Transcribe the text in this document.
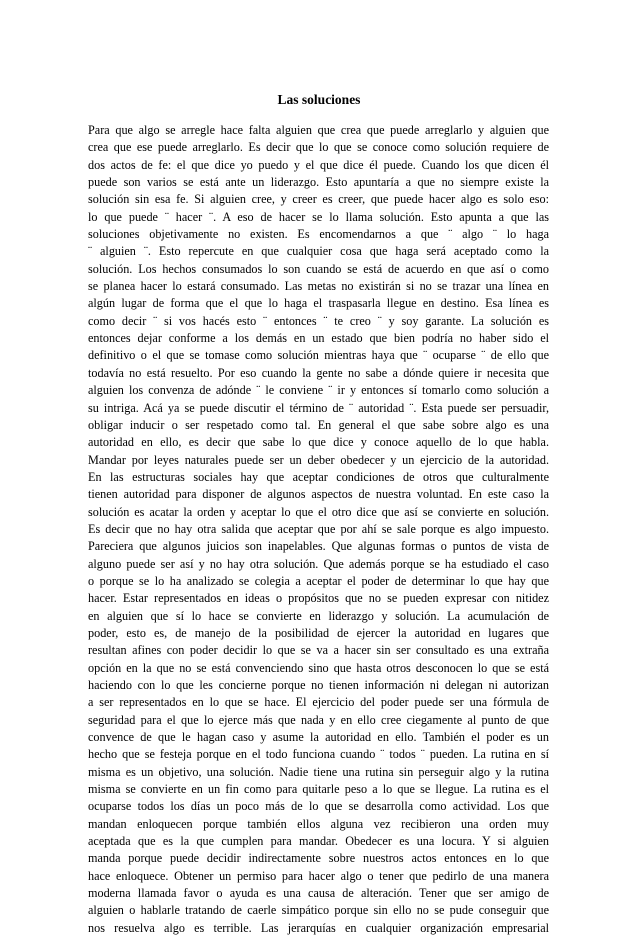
Las soluciones
Para que algo se arregle hace falta alguien que crea que puede arreglarlo y alguien que
crea que ese puede arreglarlo. Es decir que lo que se conoce como solución requiere de
dos actos de fe: el que dice yo puedo y el que dice él puede. Cuando los que dicen él
puede son varios se está ante un liderazgo. Esto apuntaría a que no siempre existe la
solución sin esa fe. Si alguien cree, y creer es creer, que puede hacer algo es solo eso:
lo que puede ¨ hacer ¨. A eso de hacer se lo llama solución. Esto apunta a que las
soluciones objetivamente no existen. Es encomendarnos a que ¨ algo ¨ lo haga
¨ alguien ¨. Esto repercute en que cualquier cosa que haga será aceptado como la
solución. Los hechos consumados lo son cuando se está de acuerdo en que así o como
se planea hacer lo estará consumado. Las metas no existirán si no se trazar una línea en
algún lugar de forma que el que lo haga el traspasarla llegue en destino. Esa línea es
como decir ¨ si vos hacés esto ¨ entonces ¨ te creo ¨ y soy garante. La solución es
entonces dejar conforme a los demás en un estado que bien podría no haber sido el
definitivo o el que se tomase como solución mientras haya que ¨ ocuparse ¨ de ello que
todavía no está resuelto. Por eso cuando la gente no sabe a dónde quiere ir necesita que
alguien los convenza de adónde ¨ le conviene ¨ ir y entonces sí tomarlo como solución a
su intriga. Acá ya se puede discutir el término de ¨ autoridad ¨. Esta puede ser persuadir,
obligar inducir o ser respetado como tal. En general el que sabe sobre algo es una
autoridad en ello, es decir que sabe lo que dice y conoce aquello de lo que habla.
Mandar por leyes naturales puede ser un deber obedecer y un ejercicio de la autoridad.
En las estructuras sociales hay que aceptar condiciones de otros que culturalmente
tienen autoridad para disponer de algunos aspectos de nuestra voluntad. En este caso la
solución es acatar la orden y aceptar lo que el otro dice que así se convierte en solución.
Es decir que no hay otra salida que aceptar que por ahí se sale porque es algo impuesto.
Pareciera que algunos juicios son inapelables. Que algunas formas o puntos de vista de
alguno puede ser así y no hay otra solución. Que además porque se ha estudiado el caso
o porque se lo ha analizado se colegia a aceptar el poder de determinar lo que hay que
hacer. Estar representados en ideas o propósitos que no se pueden expresar con nitidez
en alguien que sí lo hace se convierte en liderazgo y solución. La acumulación de
poder, esto es, de manejo de la posibilidad de ejercer la autoridad en lugares que
resultan afines con poder decidir lo que se va a hacer sin ser consultado es una extraña
opción en la que no se está convenciendo sino que hasta otros desconocen lo que se está
haciendo con lo que les concierne porque no tienen información ni delegan ni autorizan
a ser representados en lo que se hace. El ejercicio del poder puede ser una fórmula de
seguridad para el que lo ejerce más que nada y en ello cree ciegamente al punto de que
convence de que le hagan caso y asume la autoridad en ello. También el poder es un
hecho que se festeja porque en el todo funciona cuando ¨ todos ¨ pueden. La rutina en sí
misma es un objetivo, una solución. Nadie tiene una rutina sin perseguir algo y la rutina
misma se convierte en un fin como para quitarle peso a lo que se llegue. La rutina es el
ocuparse todos los días un poco más de lo que se desarrolla como actividad. Los que
mandan enloquecen porque también ellos alguna vez recibieron una orden muy
aceptada que es la que cumplen para mandar. Obedecer es una locura. Y si alguien
manda porque puede decidir indirectamente sobre nuestros actos entonces en lo que
hace enloquece. Obtener un permiso para hacer algo o tener que pedirlo de una manera
moderna llamada favor o ayuda es una causa de alteración. Tener que ser amigo de
alguien o hablarle tratando de caerle simpático porque sin ello no se pude conseguir que
nos resuelva algo es terrible. Las jerarquías en cualquier organización empresarial
